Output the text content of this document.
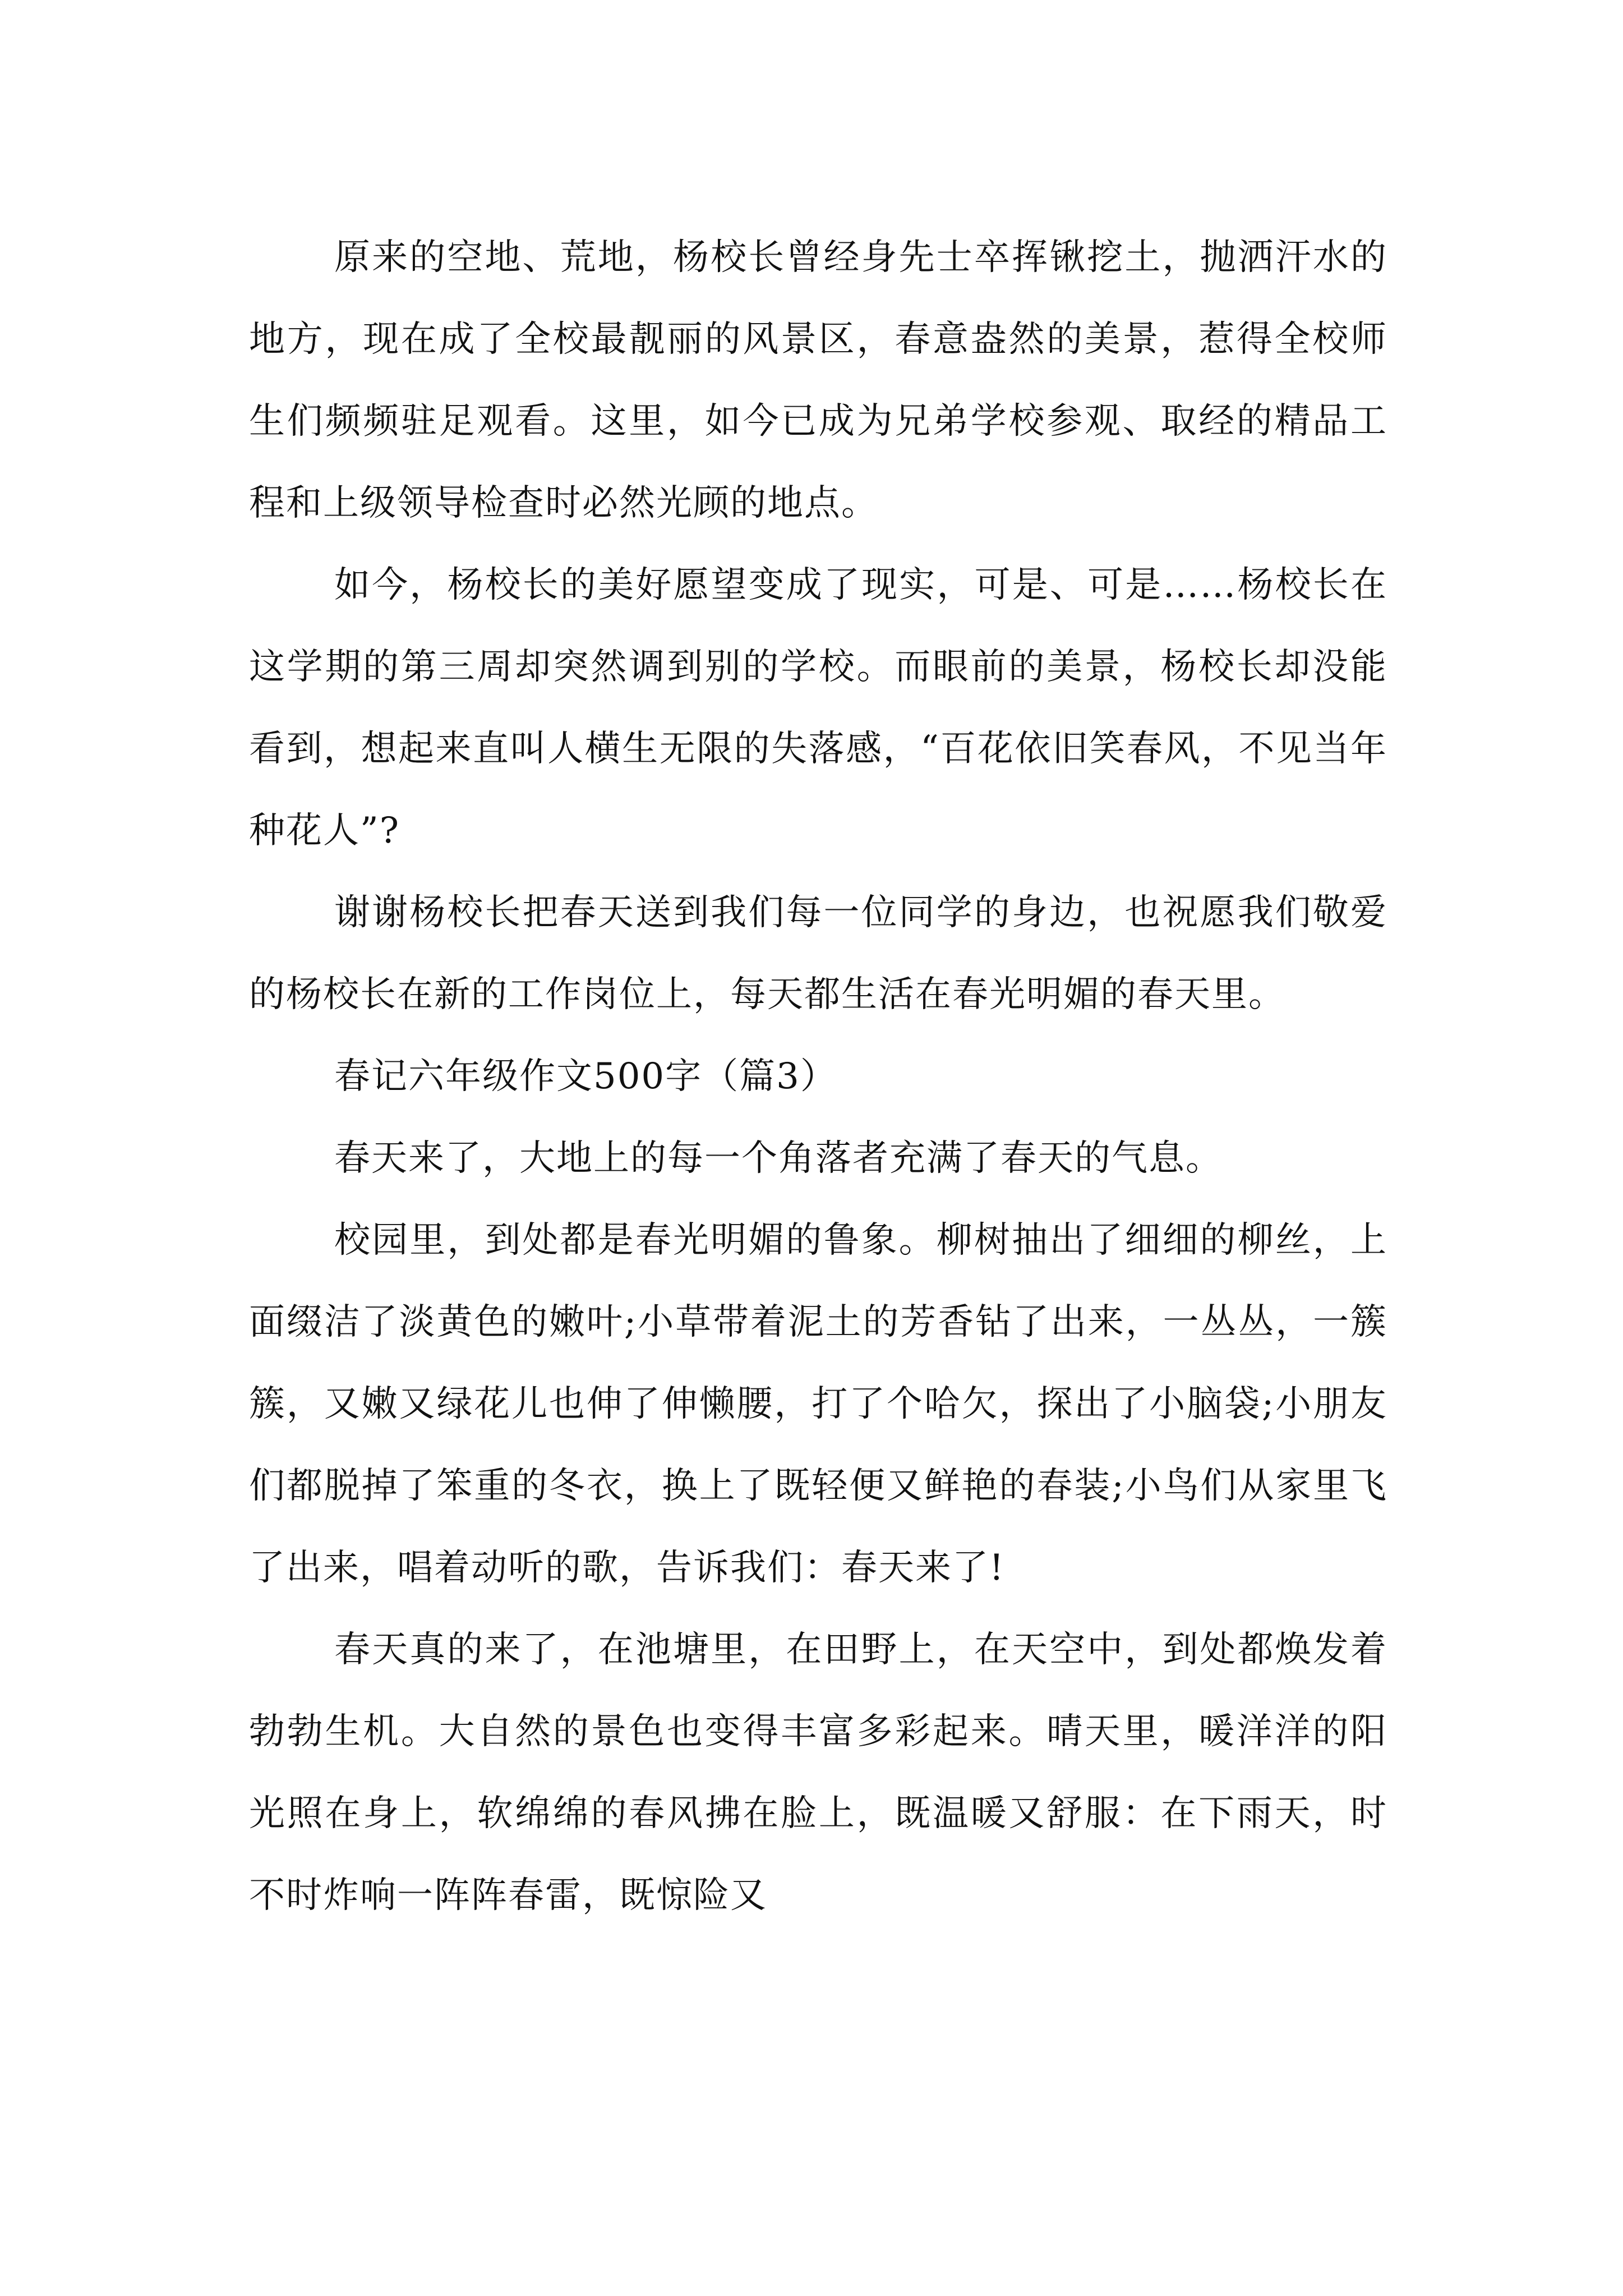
原来的空地、荒地，杨校长曾经身先士卒挥锹挖土，抛洒汗水的地方，现在成了全校最靓丽的风景区，春意盎然的美景，惹得全校师生们频频驻足观看。这里，如今已成为兄弟学校参观、取经的精品工程和上级领导检查时必然光顾的地点。

如今，杨校长的美好愿望变成了现实，可是、可是……杨校长在这学期的第三周却突然调到别的学校。而眼前的美景，杨校长却没能看到，想起来直叫人横生无限的失落感，“百花依旧笑春风，不见当年种花人”?

谢谢杨校长把春天送到我们每一位同学的身边，也祝愿我们敬爱的杨校长在新的工作岗位上，每天都生活在春光明媚的春天里。

春记六年级作文500字（篇3）

春天来了，大地上的每一个角落者充满了春天的气息。

校园里，到处都是春光明媚的鲁象。柳树抽出了细细的柳丝，上面缀洁了淡黄色的嫩叶;小草带着泥土的芳香钻了出来，一丛丛，一簇簇，又嫩又绿花儿也伸了伸懒腰，打了个哈欠，探出了小脑袋;小朋友们都脱掉了笨重的冬衣，换上了既轻便又鲜艳的春装;小鸟们从家里飞了出来，唱着动听的歌，告诉我们：春天来了!

春天真的来了，在池塘里，在田野上，在天空中，到处都焕发着勃勃生机。大自然的景色也变得丰富多彩起来。晴天里，暖洋洋的阳光照在身上，软绵绵的春风拂在脸上，既温暖又舒服：在下雨天，时不时炸响一阵阵春雷，既惊险又
